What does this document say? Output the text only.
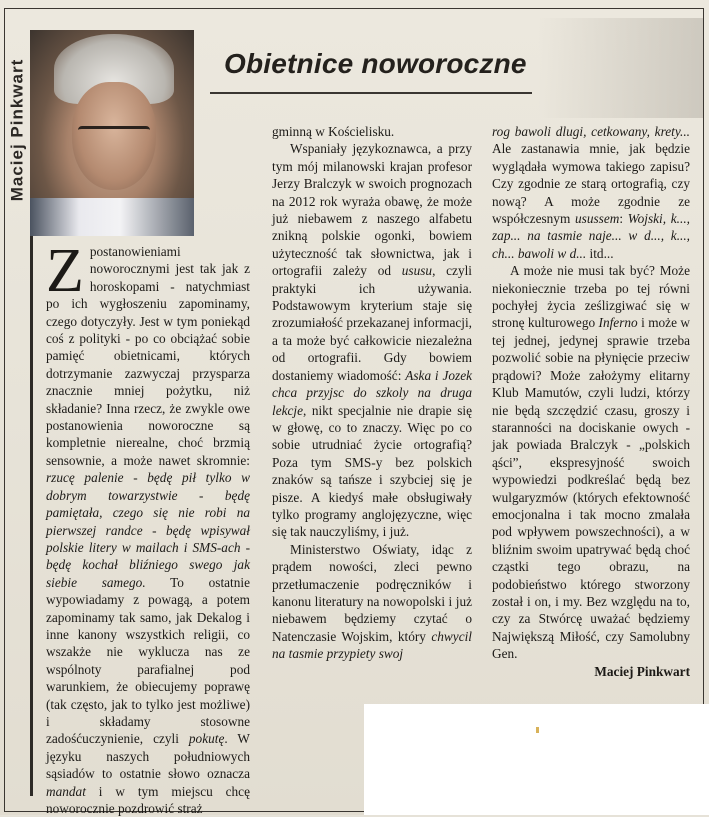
Maciej Pinkwart	Obietnice noworoczne
Z postanowieniami noworocznymi jest tak jak z horoskopami - natychmiast po ich wygłoszeniu zapominamy, czego dotyczyły. Jest w tym poniekąd coś z polityki - po co obciążać sobie pamięć obietnicami, których dotrzymanie zazwyczaj przysparza znacznie mniej pożytku, niż składanie? Inna rzecz, że zwykle owe postanowienia noworoczne są kompletnie nierealne, choć brzmią sensownie, a może nawet skromnie: rzucę palenie - będę pił tylko w dobrym towarzystwie - będę pamiętała, czego się nie robi na pierwszej randce - będę wpisywał polskie litery w mailach i SMS-ach - będę kochał bliźniego swego jak siebie samego. To ostatnie wypowiadamy z powagą, a potem zapominamy tak samo, jak Dekalog i inne kanony wszystkich religii, co wszakże nie wyklucza nas ze wspólnoty parafialnej pod warunkiem, że obiecujemy poprawę (tak często, jak to tylko jest możliwe) i składamy stosowne zadośćuczynienie, czyli pokutę. W języku naszych południowych sąsiadów to ostatnie słowo oznacza mandat i w tym miejscu chcę noworocznie pozdrowić straż

gminną w Kościelisku.

Wspaniały językoznawca, a przy tym mój milanowski krajan profesor Jerzy Bralczyk w swoich prognozach na 2012 rok wyraża obawę, że może już niebawem z naszego alfabetu znikną polskie ogonki, bowiem użyteczność tak słownictwa, jak i ortografii zależy od ususu, czyli praktyki ich używania. Podstawowym kryterium staje się zrozumiałość przekazanej informacji, a ta może być całkowicie niezależna od ortografii. Gdy bowiem dostaniemy wiadomość: Aska i Jozek chca przyjsc do szkoly na druga lekcje, nikt specjalnie nie drapie się w głowę, co to znaczy. Więc po co sobie utrudniać życie ortografią? Poza tym SMS-y bez polskich znaków są tańsze i szybciej się je pisze. A kiedyś małe obsługiwały tylko programy anglojęzyczne, więc się tak nauczyliśmy, i już.

Ministerstwo Oświaty, idąc z prądem nowości, zleci pewno przetłumaczenie podręczników i kanonu literatury na nowopolski i już niebawem będziemy czytać o Natenczasie Wojskim, który chwycil na tasmie przypiety swoj

rog bawoli dlugi, cetkowany, krety... Ale zastanawia mnie, jak będzie wyglądała wymowa takiego zapisu? Czy zgodnie ze starą ortografią, czy nową? A może zgodnie ze współczesnym usussem: Wojski, k..., zap... na tasmie naje... w d..., k..., ch... bawoli w d... itd...

A może nie musi tak być? Może niekoniecznie trzeba po tej równi pochyłej życia ześlizgiwać się w stronę kulturowego Inferno i może w tej jednej, jedynej sprawie trzeba pozwolić sobie na płynięcie przeciw prądowi? Może założymy elitarny Klub Mamutów, czyli ludzi, którzy nie będą szczędzić czasu, groszy i staranności na dociskanie owych - jak powiada Bralczyk - „polskich ąści”, ekspresyjność swoich wypowiedzi podkreślać będą bez wulgaryzmów (których efektowność emocjonalna i tak mocno zmalała pod wpływem powszechności), a w bliźnim swoim upatrywać będą choć cząstki tego obrazu, na podobieństwo którego stworzony został i on, i my. Bez względu na to, czy za Stwórcę uważać będziemy Największą Miłość, czy Samolubny Gen.

Maciej Pinkwart
